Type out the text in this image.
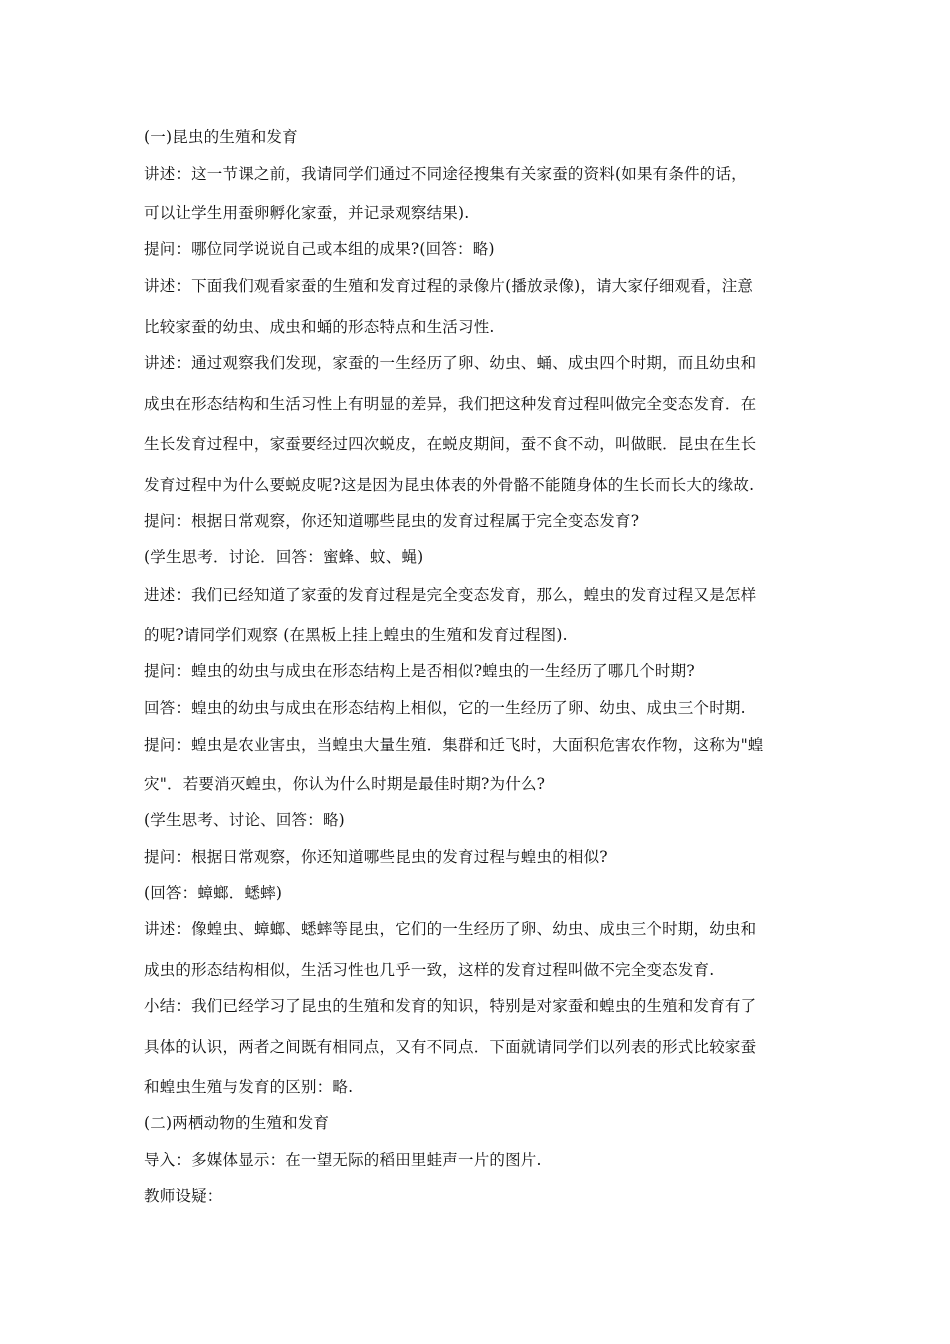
(一)昆虫的生殖和发育
讲述：这一节课之前，我请同学们通过不同途径搜集有关家蚕的资料(如果有条件的话，
可以让学生用蚕卵孵化家蚕，并记录观察结果).
提问：哪位同学说说自己或本组的成果?(回答：略)
讲述：下面我们观看家蚕的生殖和发育过程的录像片(播放录像)，请大家仔细观看，注意
比较家蚕的幼虫、成虫和蛹的形态特点和生活习性.
讲述：通过观察我们发现，家蚕的一生经历了卵、幼虫、蛹、成虫四个时期，而且幼虫和
成虫在形态结构和生活习性上有明显的差异，我们把这种发育过程叫做完全变态发育．在
生长发育过程中，家蚕要经过四次蜕皮，在蜕皮期间，蚕不食不动，叫做眠．昆虫在生长
发育过程中为什么要蜕皮呢?这是因为昆虫体表的外骨骼不能随身体的生长而长大的缘故.
提问：根据日常观察，你还知道哪些昆虫的发育过程属于完全变态发育?
(学生思考．讨论．回答：蜜蜂、蚊、蝇)
进述：我们已经知道了家蚕的发育过程是完全变态发育，那么，蝗虫的发育过程又是怎样
的呢?请同学们观察 (在黑板上挂上蝗虫的生殖和发育过程图).
提问：蝗虫的幼虫与成虫在形态结构上是否相似?蝗虫的一生经历了哪几个时期?
回答：蝗虫的幼虫与成虫在形态结构上相似，它的一生经历了卵、幼虫、成虫三个时期.
提问：蝗虫是农业害虫，当蝗虫大量生殖．集群和迁飞时，大面积危害农作物，这称为"蝗
灾"．若要消灭蝗虫，你认为什么时期是最佳时期?为什么?
(学生思考、讨论、回答：略)
提问：根据日常观察，你还知道哪些昆虫的发育过程与蝗虫的相似?
(回答：蟑螂．蟋蟀)
讲述：像蝗虫、蟑螂、蟋蟀等昆虫，它们的一生经历了卵、幼虫、成虫三个时期，幼虫和
成虫的形态结构相似，生活习性也几乎一致，这样的发育过程叫做不完全变态发育.
小结：我们已经学习了昆虫的生殖和发育的知识，特别是对家蚕和蝗虫的生殖和发育有了
具体的认识，两者之间既有相同点，又有不同点．下面就请同学们以列表的形式比较家蚕
和蝗虫生殖与发育的区别：略.
(二)两栖动物的生殖和发育
导入：多媒体显示：在一望无际的稻田里蛙声一片的图片.
教师设疑：
